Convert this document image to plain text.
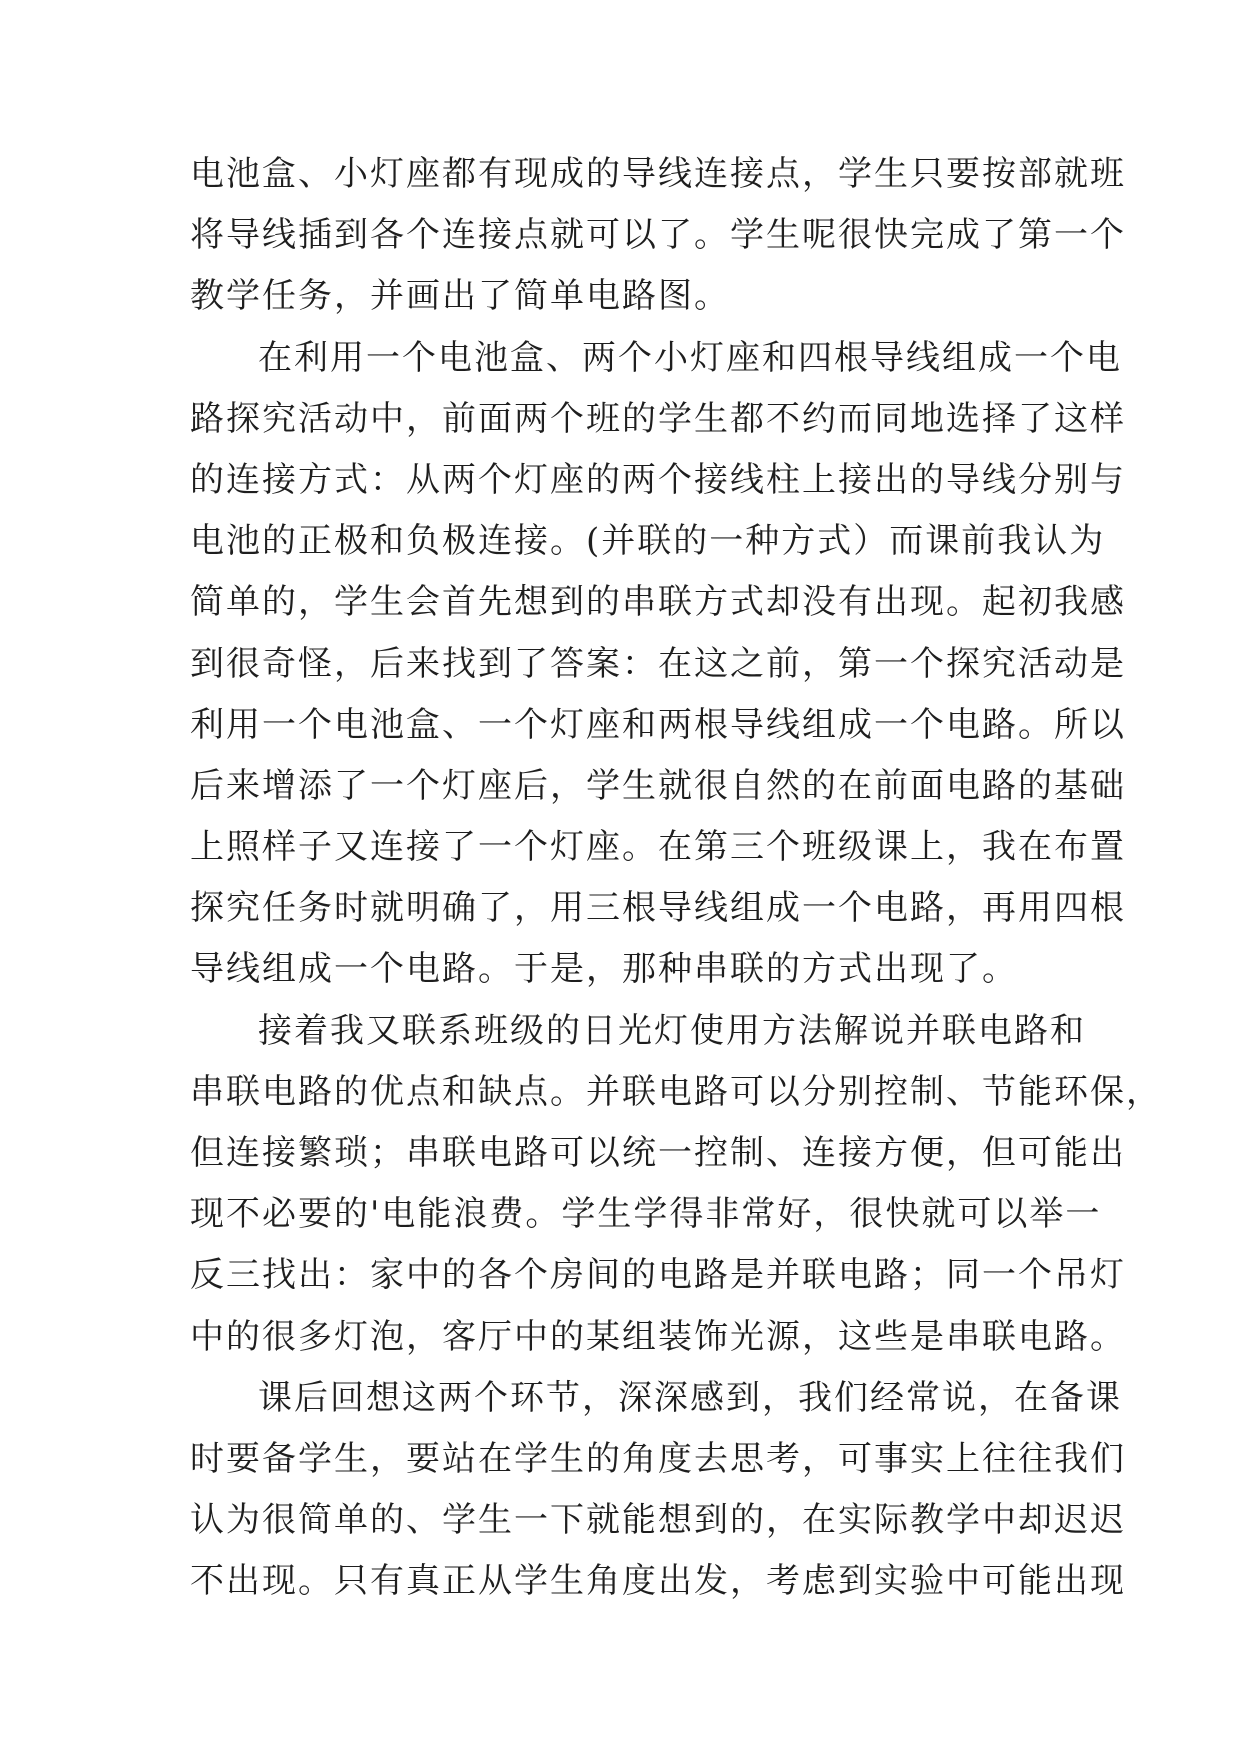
电池盒、小灯座都有现成的导线连接点，学生只要按部就班
将导线插到各个连接点就可以了。学生呢很快完成了第一个
教学任务，并画出了简单电路图。
在利用一个电池盒、两个小灯座和四根导线组成一个电
路探究活动中，前面两个班的学生都不约而同地选择了这样
的连接方式：从两个灯座的两个接线柱上接出的导线分别与
电池的正极和负极连接。(并联的一种方式）而课前我认为
简单的，学生会首先想到的串联方式却没有出现。起初我感
到很奇怪，后来找到了答案：在这之前，第一个探究活动是
利用一个电池盒、一个灯座和两根导线组成一个电路。所以
后来增添了一个灯座后，学生就很自然的在前面电路的基础
上照样子又连接了一个灯座。在第三个班级课上，我在布置
探究任务时就明确了，用三根导线组成一个电路，再用四根
导线组成一个电路。于是，那种串联的方式出现了。
接着我又联系班级的日光灯使用方法解说并联电路和
串联电路的优点和缺点。并联电路可以分别控制、节能环保，
但连接繁琐；串联电路可以统一控制、连接方便，但可能出
现不必要的'电能浪费。学生学得非常好，很快就可以举一
反三找出：家中的各个房间的电路是并联电路；同一个吊灯
中的很多灯泡，客厅中的某组装饰光源，这些是串联电路。
课后回想这两个环节，深深感到，我们经常说，在备课
时要备学生，要站在学生的角度去思考，可事实上往往我们
认为很简单的、学生一下就能想到的，在实际教学中却迟迟
不出现。只有真正从学生角度出发，考虑到实验中可能出现
